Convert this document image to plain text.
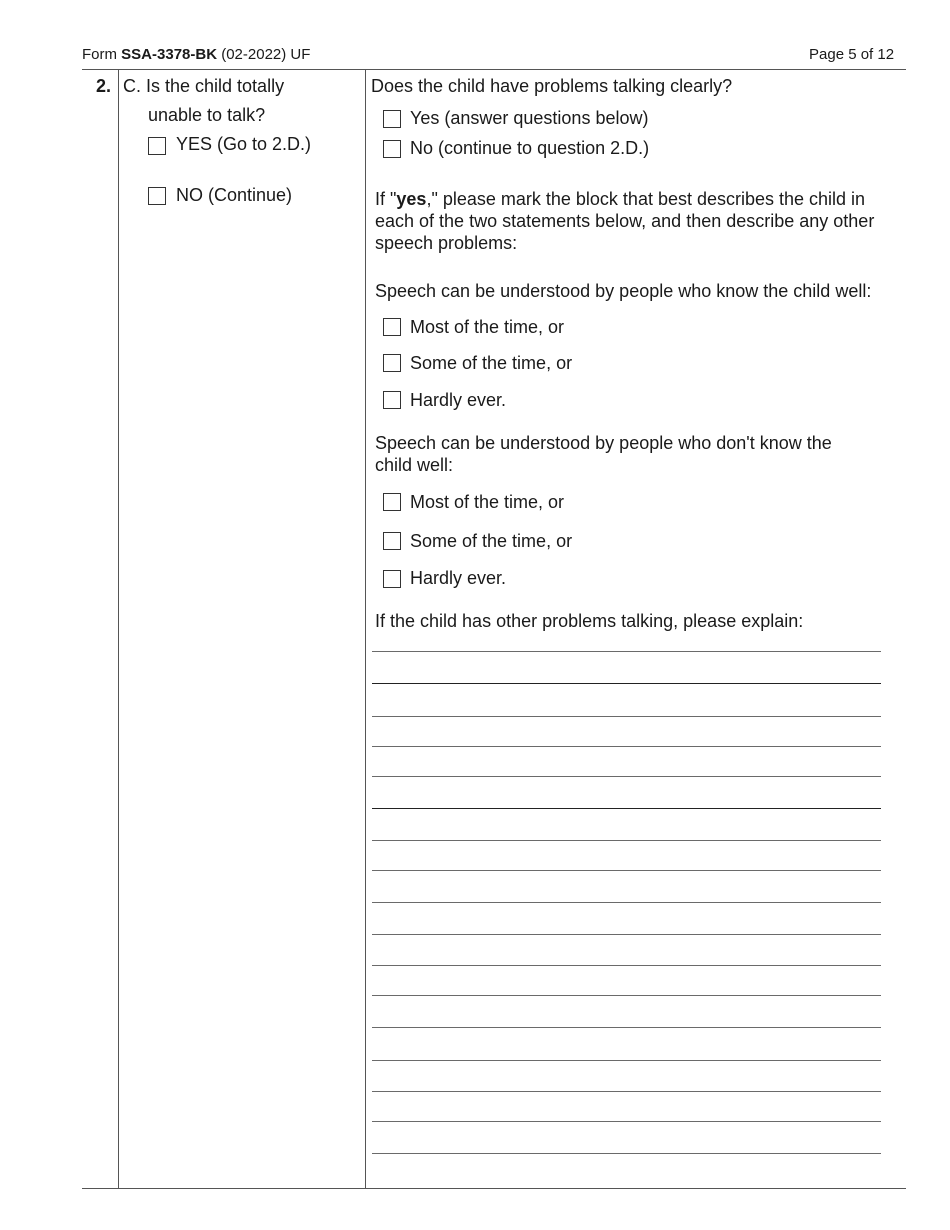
Form SSA-3378-BK (02-2022) UF	Page 5 of 12
2. C. Is the child totally
unable to talk?
YES (Go to 2.D.)
NO (Continue)
Does the child have problems talking clearly?
Yes (answer questions below)
No (continue to question 2.D.)
If "yes," please mark the block that best describes the child in each of the two statements below, and then describe any other speech problems:
Speech can be understood by people who know the child well:
Most of the time, or
Some of the time, or
Hardly ever.
Speech can be understood by people who don't know the child well:
Most of the time, or
Some of the time, or
Hardly ever.
If the child has other problems talking, please explain:
